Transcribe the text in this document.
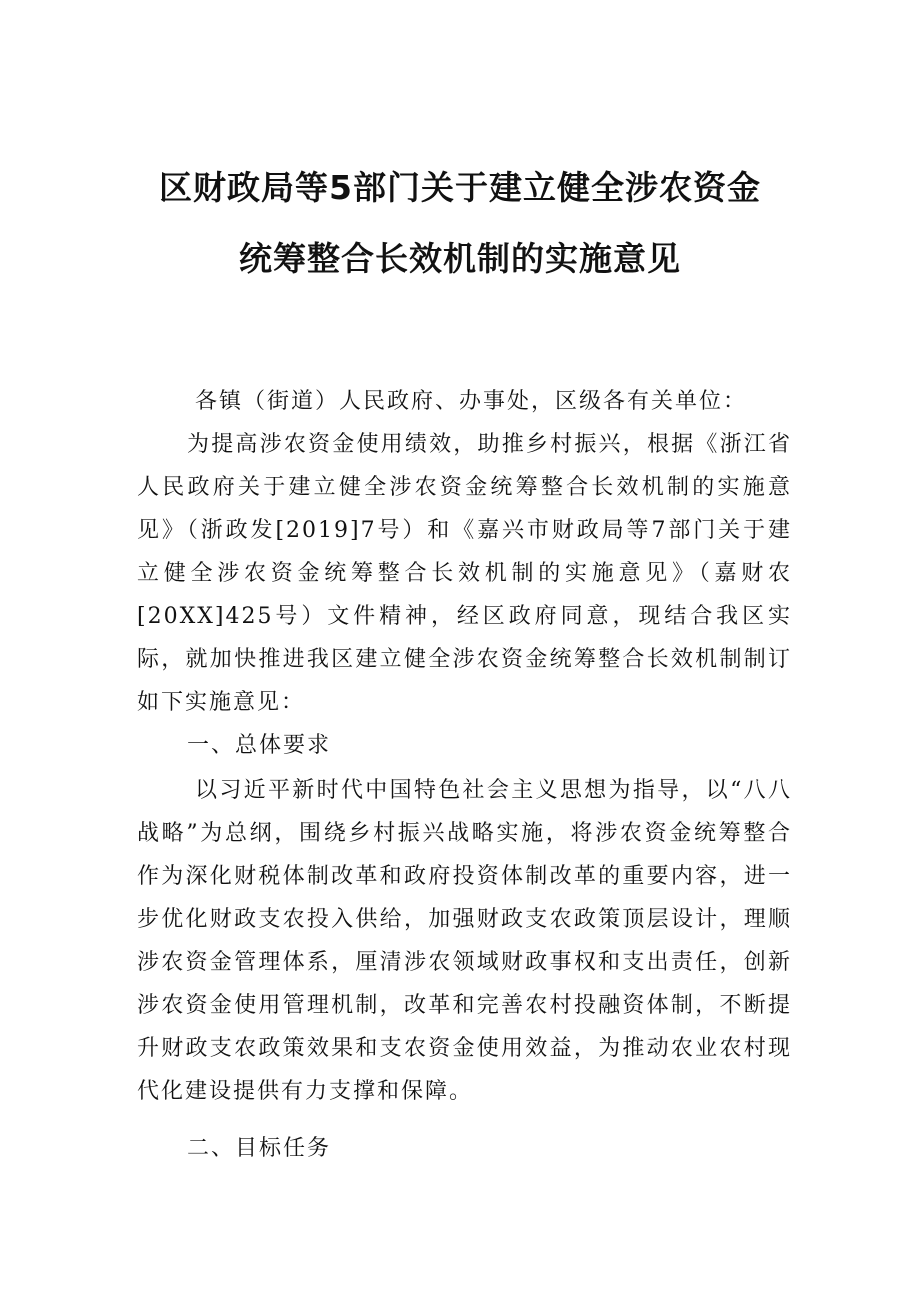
区财政局等5部门关于建立健全涉农资金
统筹整合长效机制的实施意见

各镇（街道）人民政府、办事处，区级各有关单位：

为提高涉农资金使用绩效，助推乡村振兴，根据《浙江省人民政府关于建立健全涉农资金统筹整合长效机制的实施意见》（浙政发[2019]7号）和《嘉兴市财政局等7部门关于建立健全涉农资金统筹整合长效机制的实施意见》（嘉财农[20XX]425号）文件精神，经区政府同意，现结合我区实际，就加快推进我区建立健全涉农资金统筹整合长效机制制订如下实施意见：

一、总体要求

以习近平新时代中国特色社会主义思想为指导，以“八八战略”为总纲，围绕乡村振兴战略实施，将涉农资金统筹整合作为深化财税体制改革和政府投资体制改革的重要内容，进一步优化财政支农投入供给，加强财政支农政策顶层设计，理顺涉农资金管理体系，厘清涉农领域财政事权和支出责任，创新涉农资金使用管理机制，改革和完善农村投融资体制，不断提升财政支农政策效果和支农资金使用效益，为推动农业农村现代化建设提供有力支撑和保障。

二、目标任务
